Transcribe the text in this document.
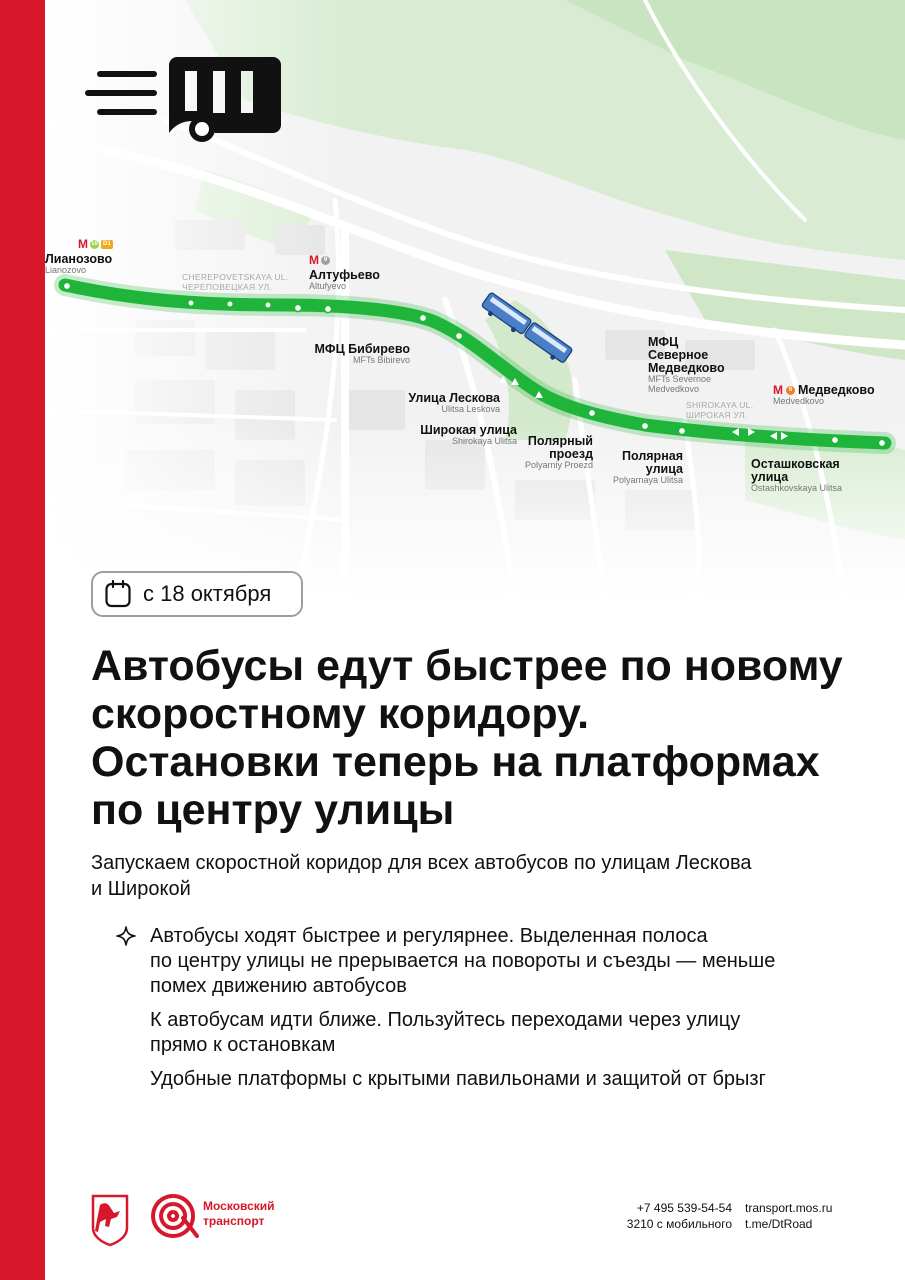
CHEREPOVETSKAYA UL.
ЧЕРЕПОВЕЦКАЯ УЛ.
SHIROKAYA UL.
ШИРОКАЯ УЛ.
M 10 D1
Лианозово
Lianozovo
M 9
Алтуфьево
Altufyevo
МФЦ Бибирево
MFTs Bibirevo
Улица Лескова
Ulitsa Leskova
Широкая улица
Shirokaya Ulitsa Полярный
проезд
Polyarniy Proezd
Полярная
улица
Polyarnaya Ulitsa
МФЦ
Северное
Медведково
MFTs Severnoe
Medvedkovo	M 6 Медведково
Medvedkovo
Осташковская
улица
Ostashkovskaya Ulitsa
с 18 октября
Автобусы едут быстрее по новому
скоростному коридору.
Остановки теперь на платформах
по центру улицы
Запускаем скоростной коридор для всех автобусов по улицам Лескова
и Широкой
Автобусы ходят быстрее и регулярнее. Выделенная полоса
по центру улицы не прерывается на повороты и съезды — меньше
помех движению автобусов
К автобусам идти ближе. Пользуйтесь переходами через улицу
прямо к остановкам
Удобные платформы с крытыми павильонами и защитой от брызг
Московский
транспорт
+7 495 539-54-54
3210 с мобильного
transport.mos.ru
t.me/DtRoad
